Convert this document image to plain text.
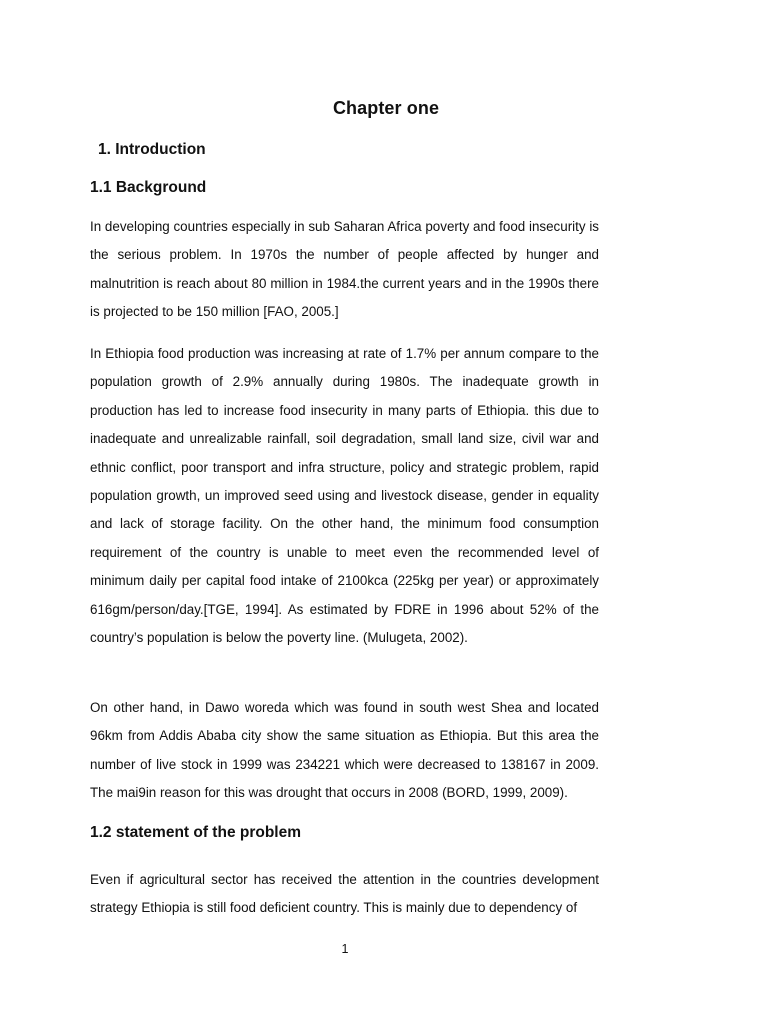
Chapter one
1. Introduction
1.1 Background

In developing countries especially in sub Saharan Africa poverty and food insecurity is the serious problem. In 1970s the number of people affected by hunger and malnutrition is reach about 80 million in 1984.the current years and in the 1990s there is projected to be 150 million [FAO, 2005.]

In Ethiopia food production was increasing at rate of 1.7% per annum compare to the population growth of 2.9% annually during 1980s. The inadequate growth in production has led to increase food insecurity in many parts of Ethiopia. this due to inadequate and unrealizable rainfall, soil degradation, small land size, civil war and ethnic conflict, poor transport and infra structure, policy and strategic problem, rapid population growth, un improved seed using and livestock disease, gender in equality and lack of storage facility. On the other hand, the minimum food consumption requirement of the country is unable to meet even the recommended level of minimum daily per capital food intake of 2100kca (225kg per year) or approximately 616gm/person/day.[TGE, 1994]. As estimated by FDRE in 1996 about 52% of the country’s population is below the poverty line. (Mulugeta, 2002).

On other hand, in Dawo woreda which was found in south west Shea and located 96km from Addis Ababa city show the same situation as Ethiopia. But this area the number of live stock in 1999 was 234221 which were decreased to 138167 in 2009. The mai9in reason for this was drought that occurs in 2008 (BORD, 1999, 2009).

1.2 statement of the problem

Even if agricultural sector has received the attention in the countries development strategy Ethiopia is still food deficient country. This is mainly due to dependency of

1
